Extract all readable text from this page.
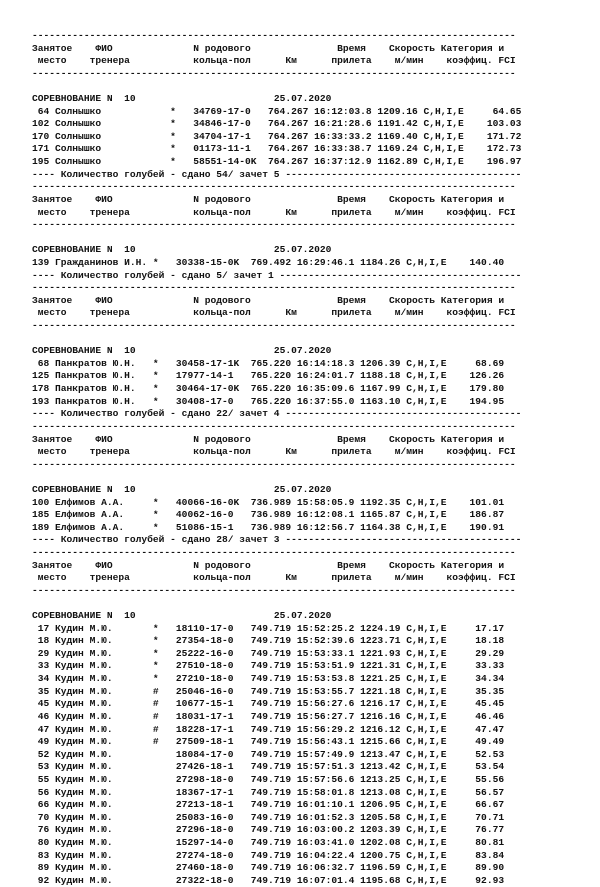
------------------------------------------------------------------------------------
Занятое    ФИО              N родового               Время    Скорость Категория и
место    тренера           кольца-пол      Км      прилета    м/мин    коэффиц. FCI
------------------------------------------------------------------------------------
СОРЕВНОВАНИЕ N  10	25.07.2020
64 Солнышко            *   34769-17-0   764.267 16:12:03.8 1209.16 C,H,I,E     64.65
102 Солнышко            *   34846-17-0   764.267 16:21:28.6 1191.42 C,H,I,E    103.03
170 Солнышко            *   34704-17-1   764.267 16:33:33.2 1169.40 C,H,I,E    171.72
171 Солнышко            *   01173-11-1   764.267 16:33:38.7 1169.24 C,H,I,E    172.73
195 Солнышко            *   58551-14-0K  764.267 16:37:12.9 1162.89 C,H,I,E    196.97
---- Количество голубей - сдано 54/ зачет 5 -----------------------------------------
------------------------------------------------------------------------------------
Занятое    ФИО              N родового               Время    Скорость Категория и
место    тренера           кольца-пол      Км      прилета    м/мин    коэффиц. FCI
------------------------------------------------------------------------------------
СОРЕВНОВАНИЕ N  10	25.07.2020
139 Гражданинов И.Н. *   30338-15-0K  769.492 16:29:46.1 1184.26 C,H,I,E    140.40
---- Количество голубей - сдано 5/ зачет 1 ------------------------------------------
------------------------------------------------------------------------------------
Занятое    ФИО              N родового               Время    Скорость Категория и
место    тренера           кольца-пол      Км      прилета    м/мин    коэффиц. FCI
------------------------------------------------------------------------------------
СОРЕВНОВАНИЕ N  10	25.07.2020
68 Панкратов Ю.Н.   *   30458-17-1K  765.220 16:14:18.3 1206.39 C,H,I,E     68.69
125 Панкратов Ю.Н.   *   17977-14-1   765.220 16:24:01.7 1188.18 C,H,I,E    126.26
178 Панкратов Ю.Н.   *   30464-17-0K  765.220 16:35:09.6 1167.99 C,H,I,E    179.80
193 Панкратов Ю.Н.   *   30408-17-0   765.220 16:37:55.0 1163.10 C,H,I,E    194.95
---- Количество голубей - сдано 22/ зачет 4 -----------------------------------------
------------------------------------------------------------------------------------
Занятое    ФИО              N родового               Время    Скорость Категория и
место    тренера           кольца-пол      Км      прилета    м/мин    коэффиц. FCI
------------------------------------------------------------------------------------
СОРЕВНОВАНИЕ N  10	25.07.2020
100 Елфимов А.А.     *   40066-16-0K  736.989 15:58:05.9 1192.35 C,H,I,E    101.01
185 Елфимов А.А.     *   40062-16-0   736.989 16:12:08.1 1165.87 C,H,I,E    186.87
189 Елфимов А.А.     *   51086-15-1   736.989 16:12:56.7 1164.38 C,H,I,E    190.91
---- Количество голубей - сдано 28/ зачет 3 -----------------------------------------
------------------------------------------------------------------------------------
Занятое    ФИО              N родового               Время    Скорость Категория и
место    тренера           кольца-пол      Км      прилета    м/мин    коэффиц. FCI
------------------------------------------------------------------------------------
СОРЕВНОВАНИЕ N  10	25.07.2020
17 Кудин М.Ю.       *   18110-17-0   749.719 15:52:25.2 1224.19 C,H,I,E     17.17
18 Кудин М.Ю.       *   27354-18-0   749.719 15:52:39.6 1223.71 C,H,I,E     18.18
29 Кудин М.Ю.       *   25222-16-0   749.719 15:53:33.1 1221.93 C,H,I,E     29.29
33 Кудин М.Ю.       *   27510-18-0   749.719 15:53:51.9 1221.31 C,H,I,E     33.33
34 Кудин М.Ю.       *   27210-18-0   749.719 15:53:53.8 1221.25 C,H,I,E     34.34
35 Кудин М.Ю.       #   25046-16-0   749.719 15:53:55.7 1221.18 C,H,I,E     35.35
45 Кудин М.Ю.       #   10677-15-1   749.719 15:56:27.6 1216.17 C,H,I,E     45.45
46 Кудин М.Ю.       #   18031-17-1   749.719 15:56:27.7 1216.16 C,H,I,E     46.46
47 Кудин М.Ю.       #   18228-17-1   749.719 15:56:29.2 1216.12 C,H,I,E     47.47
49 Кудин М.Ю.       #   27509-18-1   749.719 15:56:43.1 1215.66 C,H,I,E     49.49
52 Кудин М.Ю.           18084-17-0   749.719 15:57:49.9 1213.47 C,H,I,E     52.53
53 Кудин М.Ю.           27426-18-1   749.719 15:57:51.3 1213.42 C,H,I,E     53.54
55 Кудин М.Ю.           27298-18-0   749.719 15:57:56.6 1213.25 C,H,I,E     55.56
56 Кудин М.Ю.           18367-17-1   749.719 15:58:01.8 1213.08 C,H,I,E     56.57
66 Кудин М.Ю.           27213-18-1   749.719 16:01:10.1 1206.95 C,H,I,E     66.67
70 Кудин М.Ю.           25083-16-0   749.719 16:01:52.3 1205.58 C,H,I,E     70.71
76 Кудин М.Ю.           27296-18-0   749.719 16:03:00.2 1203.39 C,H,I,E     76.77
80 Кудин М.Ю.           15297-14-0   749.719 16:03:41.0 1202.08 C,H,I,E     80.81
83 Кудин М.Ю.           27274-18-0   749.719 16:04:22.4 1200.75 C,H,I,E     83.84
89 Кудин М.Ю.           27460-18-0   749.719 16:06:32.7 1196.59 C,H,I,E     89.90
92 Кудин М.Ю.           27322-18-0   749.719 16:07:01.4 1195.68 C,H,I,E     92.93
